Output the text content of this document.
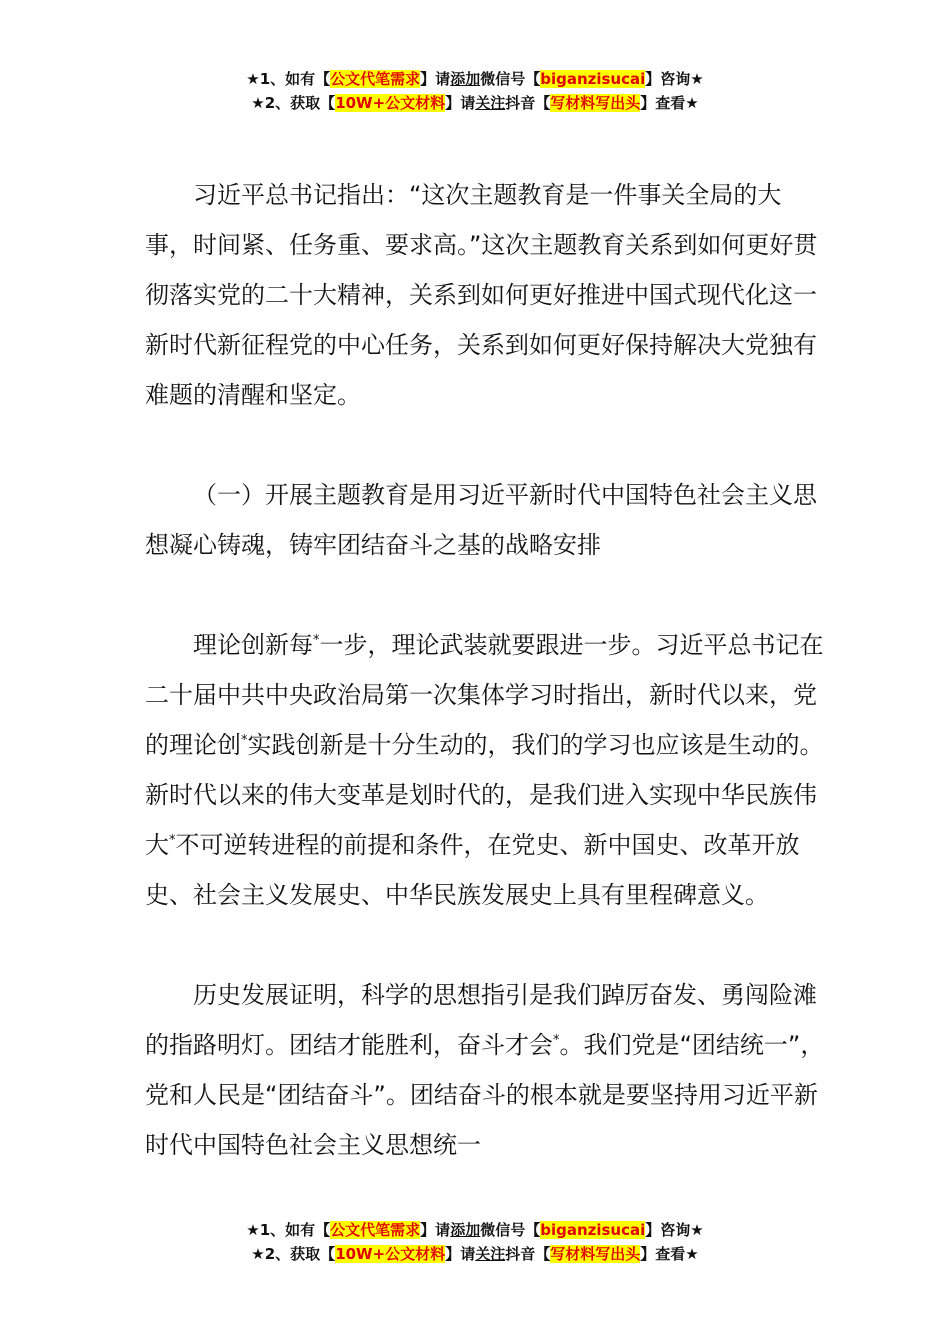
★1、如有【公文代笔需求】请添加微信号【biganzisucai】咨询★
★2、获取【10W+公文材料】请关注抖音【写材料写出头】查看★

习近平总书记指出：“这次主题教育是一件事关全局的大事，时间紧、任务重、要求高。”这次主题教育关系到如何更好贯彻落实党的二十大精神，关系到如何更好推进中国式现代化这一新时代新征程党的中心任务，关系到如何更好保持解决大党独有难题的清醒和坚定。

（一）开展主题教育是用习近平新时代中国特色社会主义思想凝心铸魂，铸牢团结奋斗之基的战略安排

理论创新每*一步，理论武装就要跟进一步。习近平总书记在二十届中共中央政治局第一次集体学习时指出，新时代以来，党的理论创*实践创新是十分生动的，我们的学习也应该是生动的。新时代以来的伟大变革是划时代的，是我们进入实现中华民族伟大*不可逆转进程的前提和条件，在党史、新中国史、改革开放史、社会主义发展史、中华民族发展史上具有里程碑意义。

历史发展证明，科学的思想指引是我们踔厉奋发、勇闯险滩的指路明灯。团结才能胜利，奋斗才会*。我们党是“团结统一”，党和人民是“团结奋斗”。团结奋斗的根本就是要坚持用习近平新时代中国特色社会主义思想统一

★1、如有【公文代笔需求】请添加微信号【biganzisucai】咨询★
★2、获取【10W+公文材料】请关注抖音【写材料写出头】查看★
